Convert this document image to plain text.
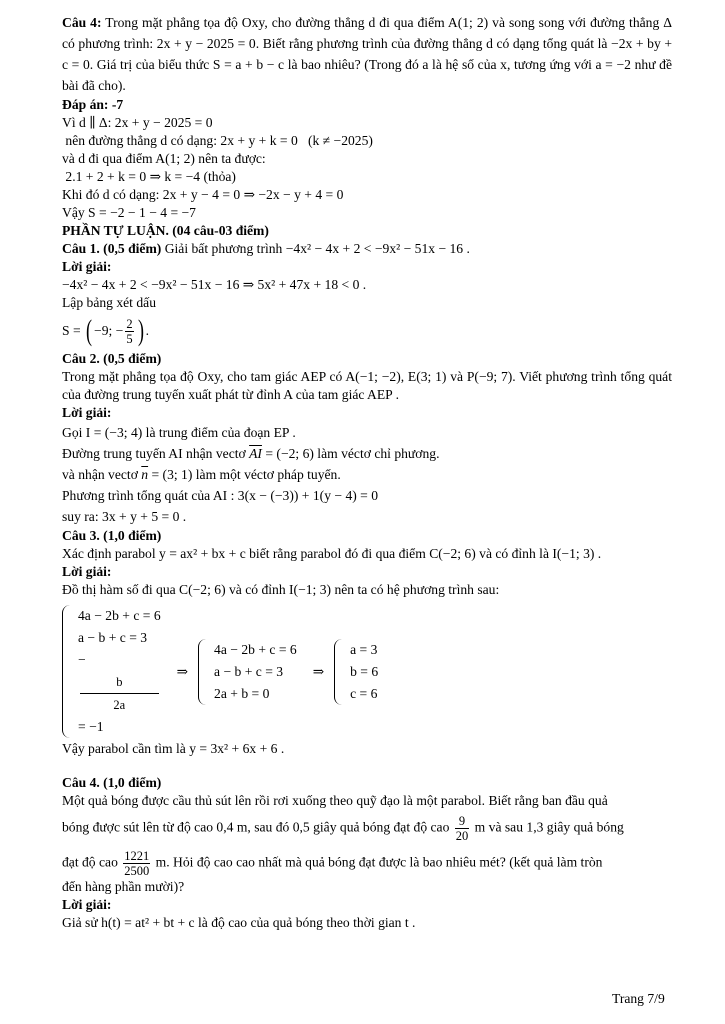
Câu 4: Trong mặt phẳng tọa độ Oxy, cho đường thẳng d đi qua điểm A(1; 2) và song song với đường thẳng Δ có phương trình: 2x + y − 2025 = 0. Biết rằng phương trình của đường thẳng d có dạng tổng quát là −2x + by + c = 0. Giá trị của biểu thức S = a + b − c là bao nhiêu? (Trong đó a là hệ số của x, tương ứng với a = −2 như đề bài đã cho).

Đáp án: -7

Vì d ∥ Δ: 2x + y − 2025 = 0

nên đường thẳng d có dạng: 2x + y + k = 0   (k ≠ −2025)

và d đi qua điểm A(1; 2) nên ta được:

2.1 + 2 + k = 0 ⇒ k = −4 (thỏa)

Khi đó d có dạng: 2x + y − 4 = 0 ⇒ −2x − y + 4 = 0

Vậy S = −2 − 1 − 4 = −7

PHẦN TỰ LUẬN. (04 câu-03 điểm)

Câu 1. (0,5 điểm) Giải bất phương trình −4x² − 4x + 2 < −9x² − 51x − 16 .

Lời giải:

−4x² − 4x + 2 < −9x² − 51x − 16 ⇒ 5x² + 47x + 18 < 0 .

Lập bảng xét dấu

S = ( −9; − $\frac{2}{5}$ ) .

Câu 2. (0,5 điểm)

Trong mặt phẳng tọa độ Oxy, cho tam giác AEP có A(−1; −2), E(3; 1) và P(−9; 7). Viết phương trình tổng quát của đường trung tuyến xuất phát từ đỉnh A của tam giác AEP .

Lời giải:

Gọi I = (−3; 4) là trung điểm của đoạn EP .

Đường trung tuyến AI nhận vectơ $\overline{AI} = (-2$; 6) làm véctơ chỉ phương.

và nhận vectơ $\overline{n} = (3$; 1) làm một véctơ pháp tuyến.

Phương trình tổng quát của AI : 3(x − (−3)) + 1(y − 4) = 0

suy ra: 3x + y + 5 = 0 .

Câu 3. (1,0 điểm)

Xác định parabol y = ax² + bx + c biết rằng parabol đó đi qua điểm C(−2; 6) và có đỉnh là I(−1; 3) .

Lời giải:

Đồ thị hàm số đi qua C(−2; 6) và có đỉnh I(−1; 3) nên ta có hệ phương trình sau:

4a − 2b + c = 6
a − b + c = 3
−
b
2a
= −1
⇒
4a − 2b + c = 6
a − b + c = 3
2a + b = 0
⇒
a = 3
b = 6
c = 6

Vậy parabol cần tìm là y = 3x² + 6x + 6 .

Câu 4. (1,0 điểm)

Một quả bóng được cầu thủ sút lên rồi rơi xuống theo quỹ đạo là một parabol. Biết rằng ban đầu quả

bóng được sút lên từ độ cao 0,4 m, sau đó 0,5 giây quả bóng đạt độ cao $\frac{9}{20}$ m và sau 1,3 giây quả bóng

đạt độ cao $\frac{1221}{2500} m$. Hỏi độ cao cao nhất mà quả bóng đạt được là bao nhiêu mét? (kết quả làm tròn

đến hàng phần mười)?

Lời giải:

Giả sử h(t) = at² + bt + c là độ cao của quả bóng theo thời gian t .

Trang 7/9
